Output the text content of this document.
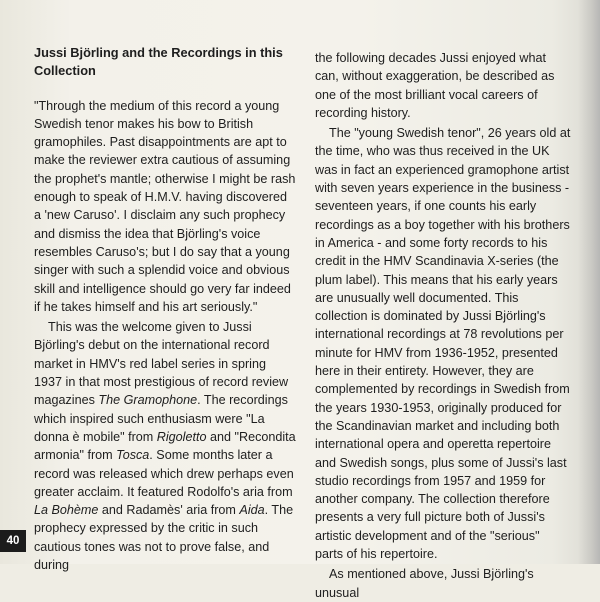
Jussi Björling and the Recordings in this Collection

"Through the medium of this record a young Swedish tenor makes his bow to British gramophiles. Past disappointments are apt to make the reviewer extra cautious of assuming the prophet's mantle; otherwise I might be rash enough to speak of H.M.V. having discovered a 'new Caruso'. I disclaim any such prophecy and dismiss the idea that Björling's voice resembles Caruso's; but I do say that a young singer with such a splendid voice and obvious skill and intelligence should go very far indeed if he takes himself and his art seriously."

This was the welcome given to Jussi Björling's debut on the international record market in HMV's red label series in spring 1937 in that most prestigious of record review magazines The Gramophone. The recordings which inspired such enthusiasm were "La donna è mobile" from Rigoletto and "Recondita armonia" from Tosca. Some months later a record was released which drew perhaps even greater acclaim. It featured Rodolfo's aria from La Bohème and Radamès' aria from Aida. The prophecy expressed by the critic in such cautious tones was not to prove false, and during

the following decades Jussi enjoyed what can, without exaggeration, be described as one of the most brilliant vocal careers of recording history.

The "young Swedish tenor", 26 years old at the time, who was thus received in the UK was in fact an experienced gramophone artist with seven years experience in the business - seventeen years, if one counts his early recordings as a boy together with his brothers in America - and some forty records to his credit in the HMV Scandinavia X-series (the plum label). This means that his early years are unusually well documented. This collection is dominated by Jussi Björling's international recordings at 78 revolutions per minute for HMV from 1936-1952, presented here in their entirety. However, they are complemented by recordings in Swedish from the years 1930-1953, originally produced for the Scandinavian market and including both international opera and operetta repertoire and Swedish songs, plus some of Jussi's last studio recordings from 1957 and 1959 for another company. The collection therefore presents a very full picture both of Jussi's artistic development and of the "serious" parts of his repertoire.

As mentioned above, Jussi Björling's unusual

40
